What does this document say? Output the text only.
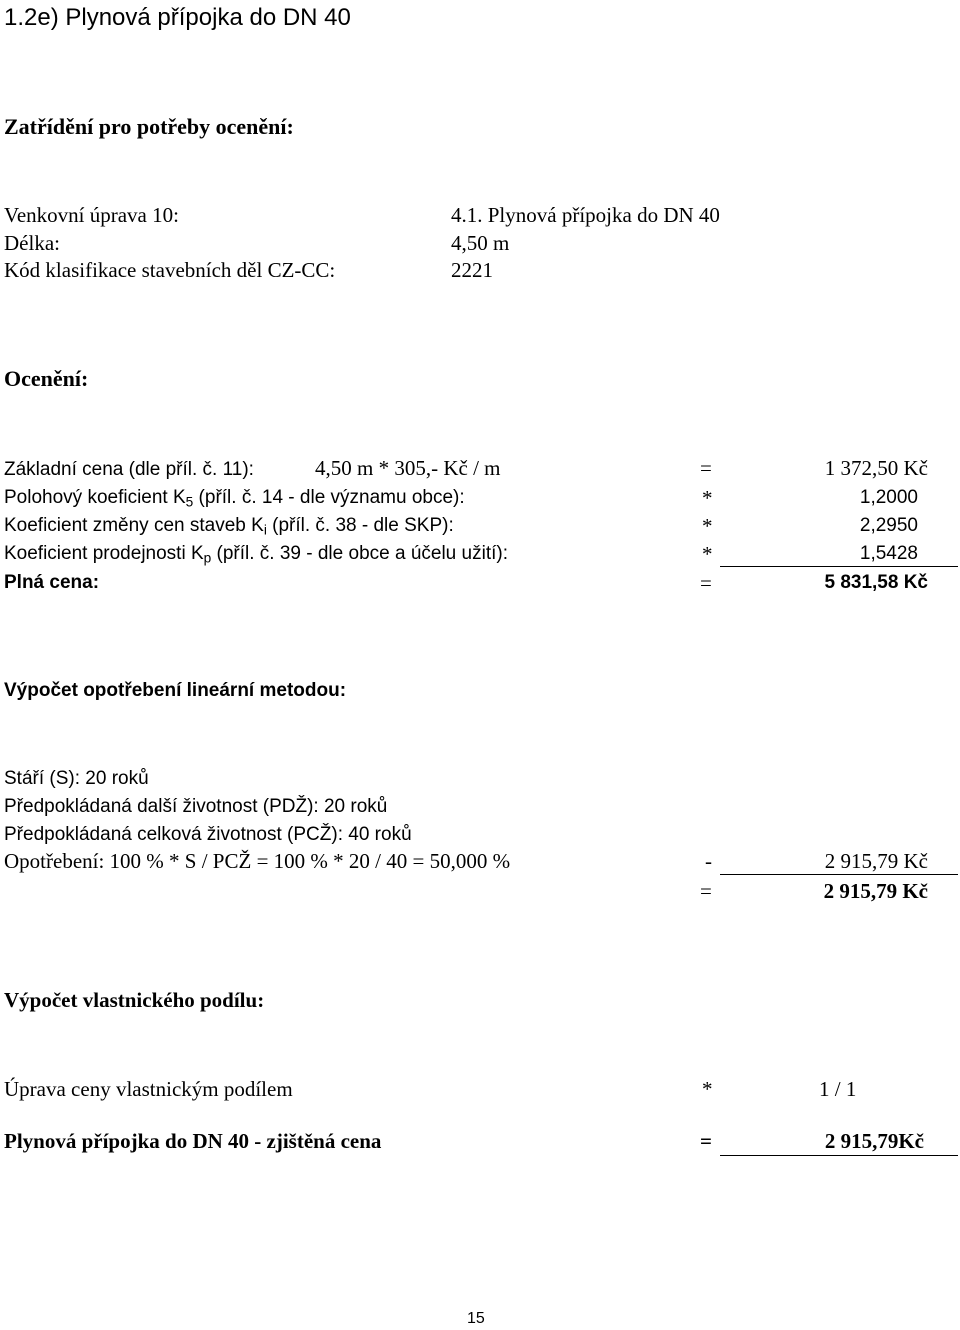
1.2e) Plynová přípojka do DN 40
Zatřídění pro potřeby ocenění:
Venkovní úprava 10:	4.1. Plynová přípojka do DN 40
Délka:	4,50 m
Kód klasifikace stavebních děl CZ-CC:	2221
Ocenění:
Základní cena (dle příl. č. 11):	4,50 m * 305,- Kč / m	=	1 372,50 Kč
Polohový koeficient $K_5$ (příl. č. 14 - dle významu obce):	*	1,2000
Koeficient změny cen staveb $K_i$ (příl. č. 38 - dle SKP):	*	2,2950
Koeficient prodejnosti $K_p$ (příl. č. 39 - dle obce a účelu užití):	*	1,5428
Plná cena:	=	5 831,58 Kč
Výpočet opotřebení lineární metodou:
Stáří (S): 20 roků
Předpokládaná další životnost (PDŽ): 20 roků
Předpokládaná celková životnost (PCŽ): 40 roků
Opotřebení: 100 % * S / PCŽ = 100 % * 20 / 40 = 50,000 %	-	2 915,79 Kč
=	2 915,79 Kč
Výpočet vlastnického podílu:
Úprava ceny vlastnickým podílem	*	1 / 1
Plynová přípojka do DN 40 - zjištěná cena	=	2 915,79Kč
15
